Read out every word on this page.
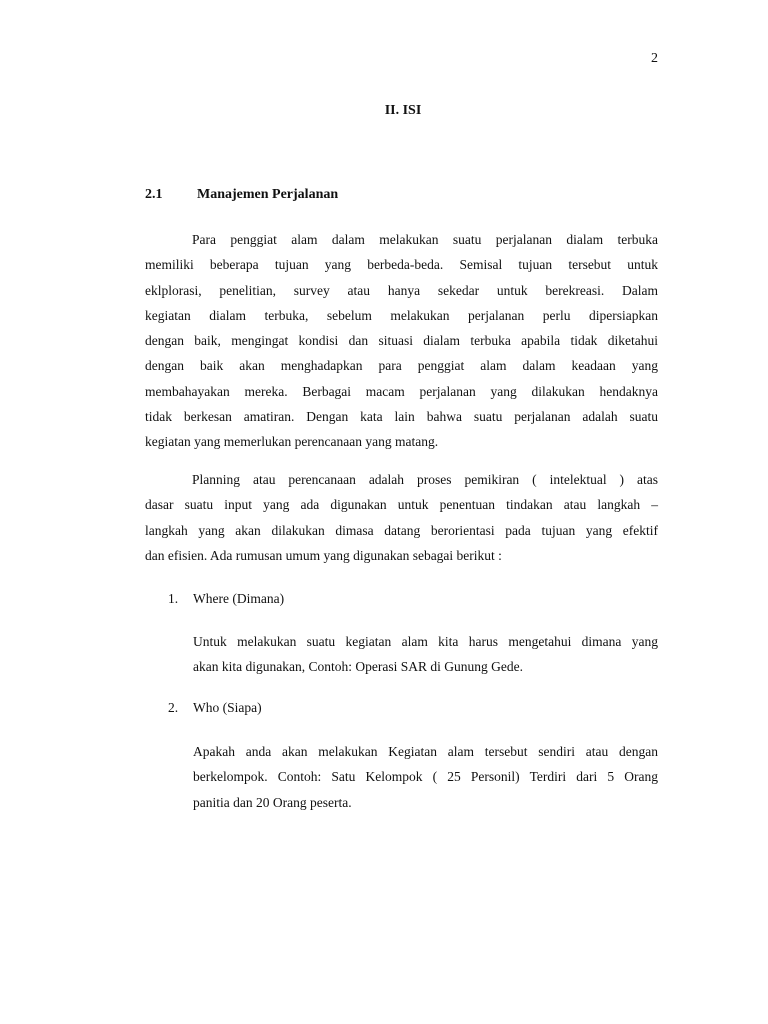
2
II. ISI
2.1 Manajemen Perjalanan
Para penggiat alam dalam melakukan suatu perjalanan dialam terbuka
memiliki beberapa tujuan yang berbeda-beda. Semisal tujuan tersebut untuk
eklplorasi, penelitian, survey atau hanya sekedar untuk berekreasi. Dalam
kegiatan dialam terbuka, sebelum melakukan perjalanan perlu dipersiapkan
dengan baik, mengingat kondisi dan situasi dialam terbuka apabila tidak diketahui
dengan baik akan menghadapkan para penggiat alam dalam keadaan yang
membahayakan mereka. Berbagai macam perjalanan yang dilakukan hendaknya
tidak berkesan amatiran. Dengan kata lain bahwa suatu perjalanan adalah suatu
kegiatan yang memerlukan perencanaan yang matang.
Planning atau perencanaan adalah proses pemikiran ( intelektual ) atas
dasar suatu input yang ada digunakan untuk penentuan tindakan atau langkah –
langkah yang akan dilakukan dimasa datang berorientasi pada tujuan yang efektif
dan efisien. Ada rumusan umum yang digunakan sebagai berikut :
1. Where (Dimana)
Untuk melakukan suatu kegiatan alam kita harus mengetahui dimana yang
akan kita digunakan, Contoh: Operasi SAR di Gunung Gede.
2. Who (Siapa)
Apakah anda akan melakukan Kegiatan alam tersebut sendiri atau dengan
berkelompok. Contoh: Satu Kelompok ( 25 Personil) Terdiri dari 5 Orang
panitia dan 20 Orang peserta.
